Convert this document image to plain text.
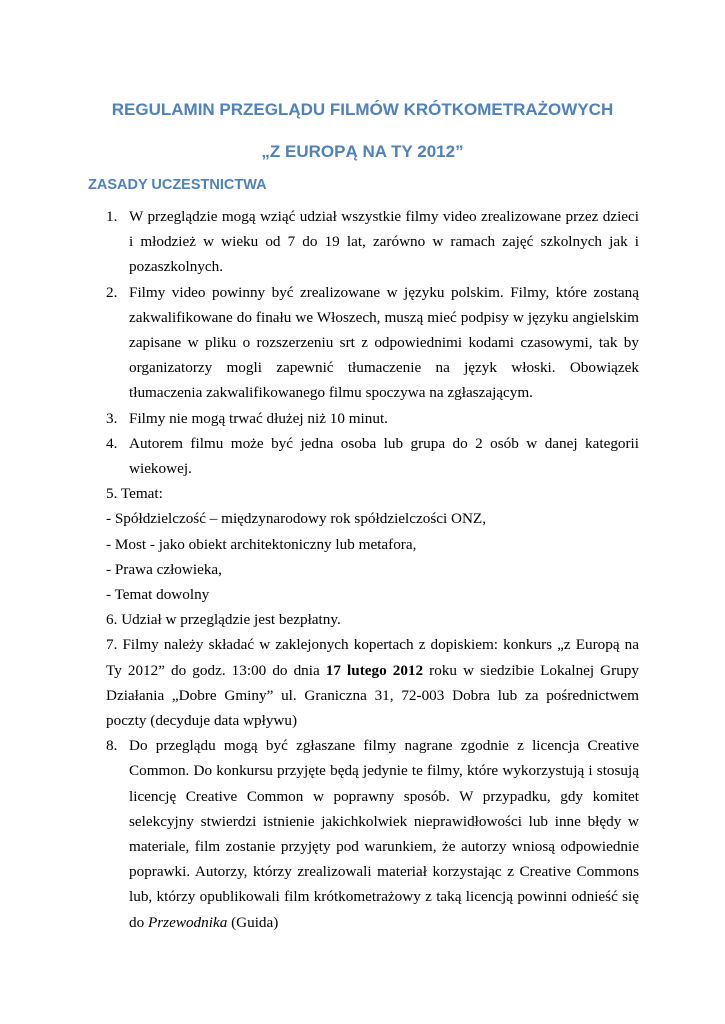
REGULAMIN PRZEGLĄDU FILMÓW KRÓTKOMETRAŻOWYCH
„Z EUROPĄ NA TY 2012”
ZASADY UCZESTNICTWA

1. W przeglądzie mogą wziąć udział wszystkie filmy video zrealizowane przez dzieci i młodzież w wieku od 7 do 19 lat, zarówno w ramach zajęć szkolnych jak i pozaszkolnych.

2. Filmy video powinny być zrealizowane w języku polskim. Filmy, które zostaną zakwalifikowane do finału we Włoszech, muszą mieć podpisy w języku angielskim zapisane w pliku o rozszerzeniu srt z odpowiednimi kodami czasowymi, tak by organizatorzy mogli zapewnić tłumaczenie na język włoski. Obowiązek tłumaczenia zakwalifikowanego filmu spoczywa na zgłaszającym.

3. Filmy nie mogą trwać dłużej niż 10 minut.

4. Autorem filmu może być jedna osoba lub grupa do 2 osób w danej kategorii wiekowej.

5. Temat:

- Spółdzielczość – międzynarodowy rok spółdzielczości ONZ,

- Most - jako obiekt architektoniczny lub metafora,

- Prawa człowieka,

- Temat dowolny

6. Udział w przeglądzie jest bezpłatny.

7. Filmy należy składać w zaklejonych kopertach z dopiskiem: konkurs „z Europą na Ty 2012” do godz. 13:00 do dnia 17 lutego 2012 roku w siedzibie Lokalnej Grupy Działania „Dobre Gminy” ul. Graniczna 31, 72-003 Dobra lub za pośrednictwem poczty (decyduje data wpływu)

8. Do przeglądu mogą być zgłaszane filmy nagrane zgodnie z licencja Creative Common. Do konkursu przyjęte będą jedynie te filmy, które wykorzystują i stosują licencję Creative Common w poprawny sposób. W przypadku, gdy komitet selekcyjny stwierdzi istnienie jakichkolwiek nieprawidłowości lub inne błędy w materiale, film zostanie przyjęty pod warunkiem, że autorzy wniosą odpowiednie poprawki. Autorzy, którzy zrealizowali materiał korzystając z Creative Commons lub, którzy opublikowali film krótkometrażowy z taką licencją powinni odnieść się do Przewodnika (Guida)
